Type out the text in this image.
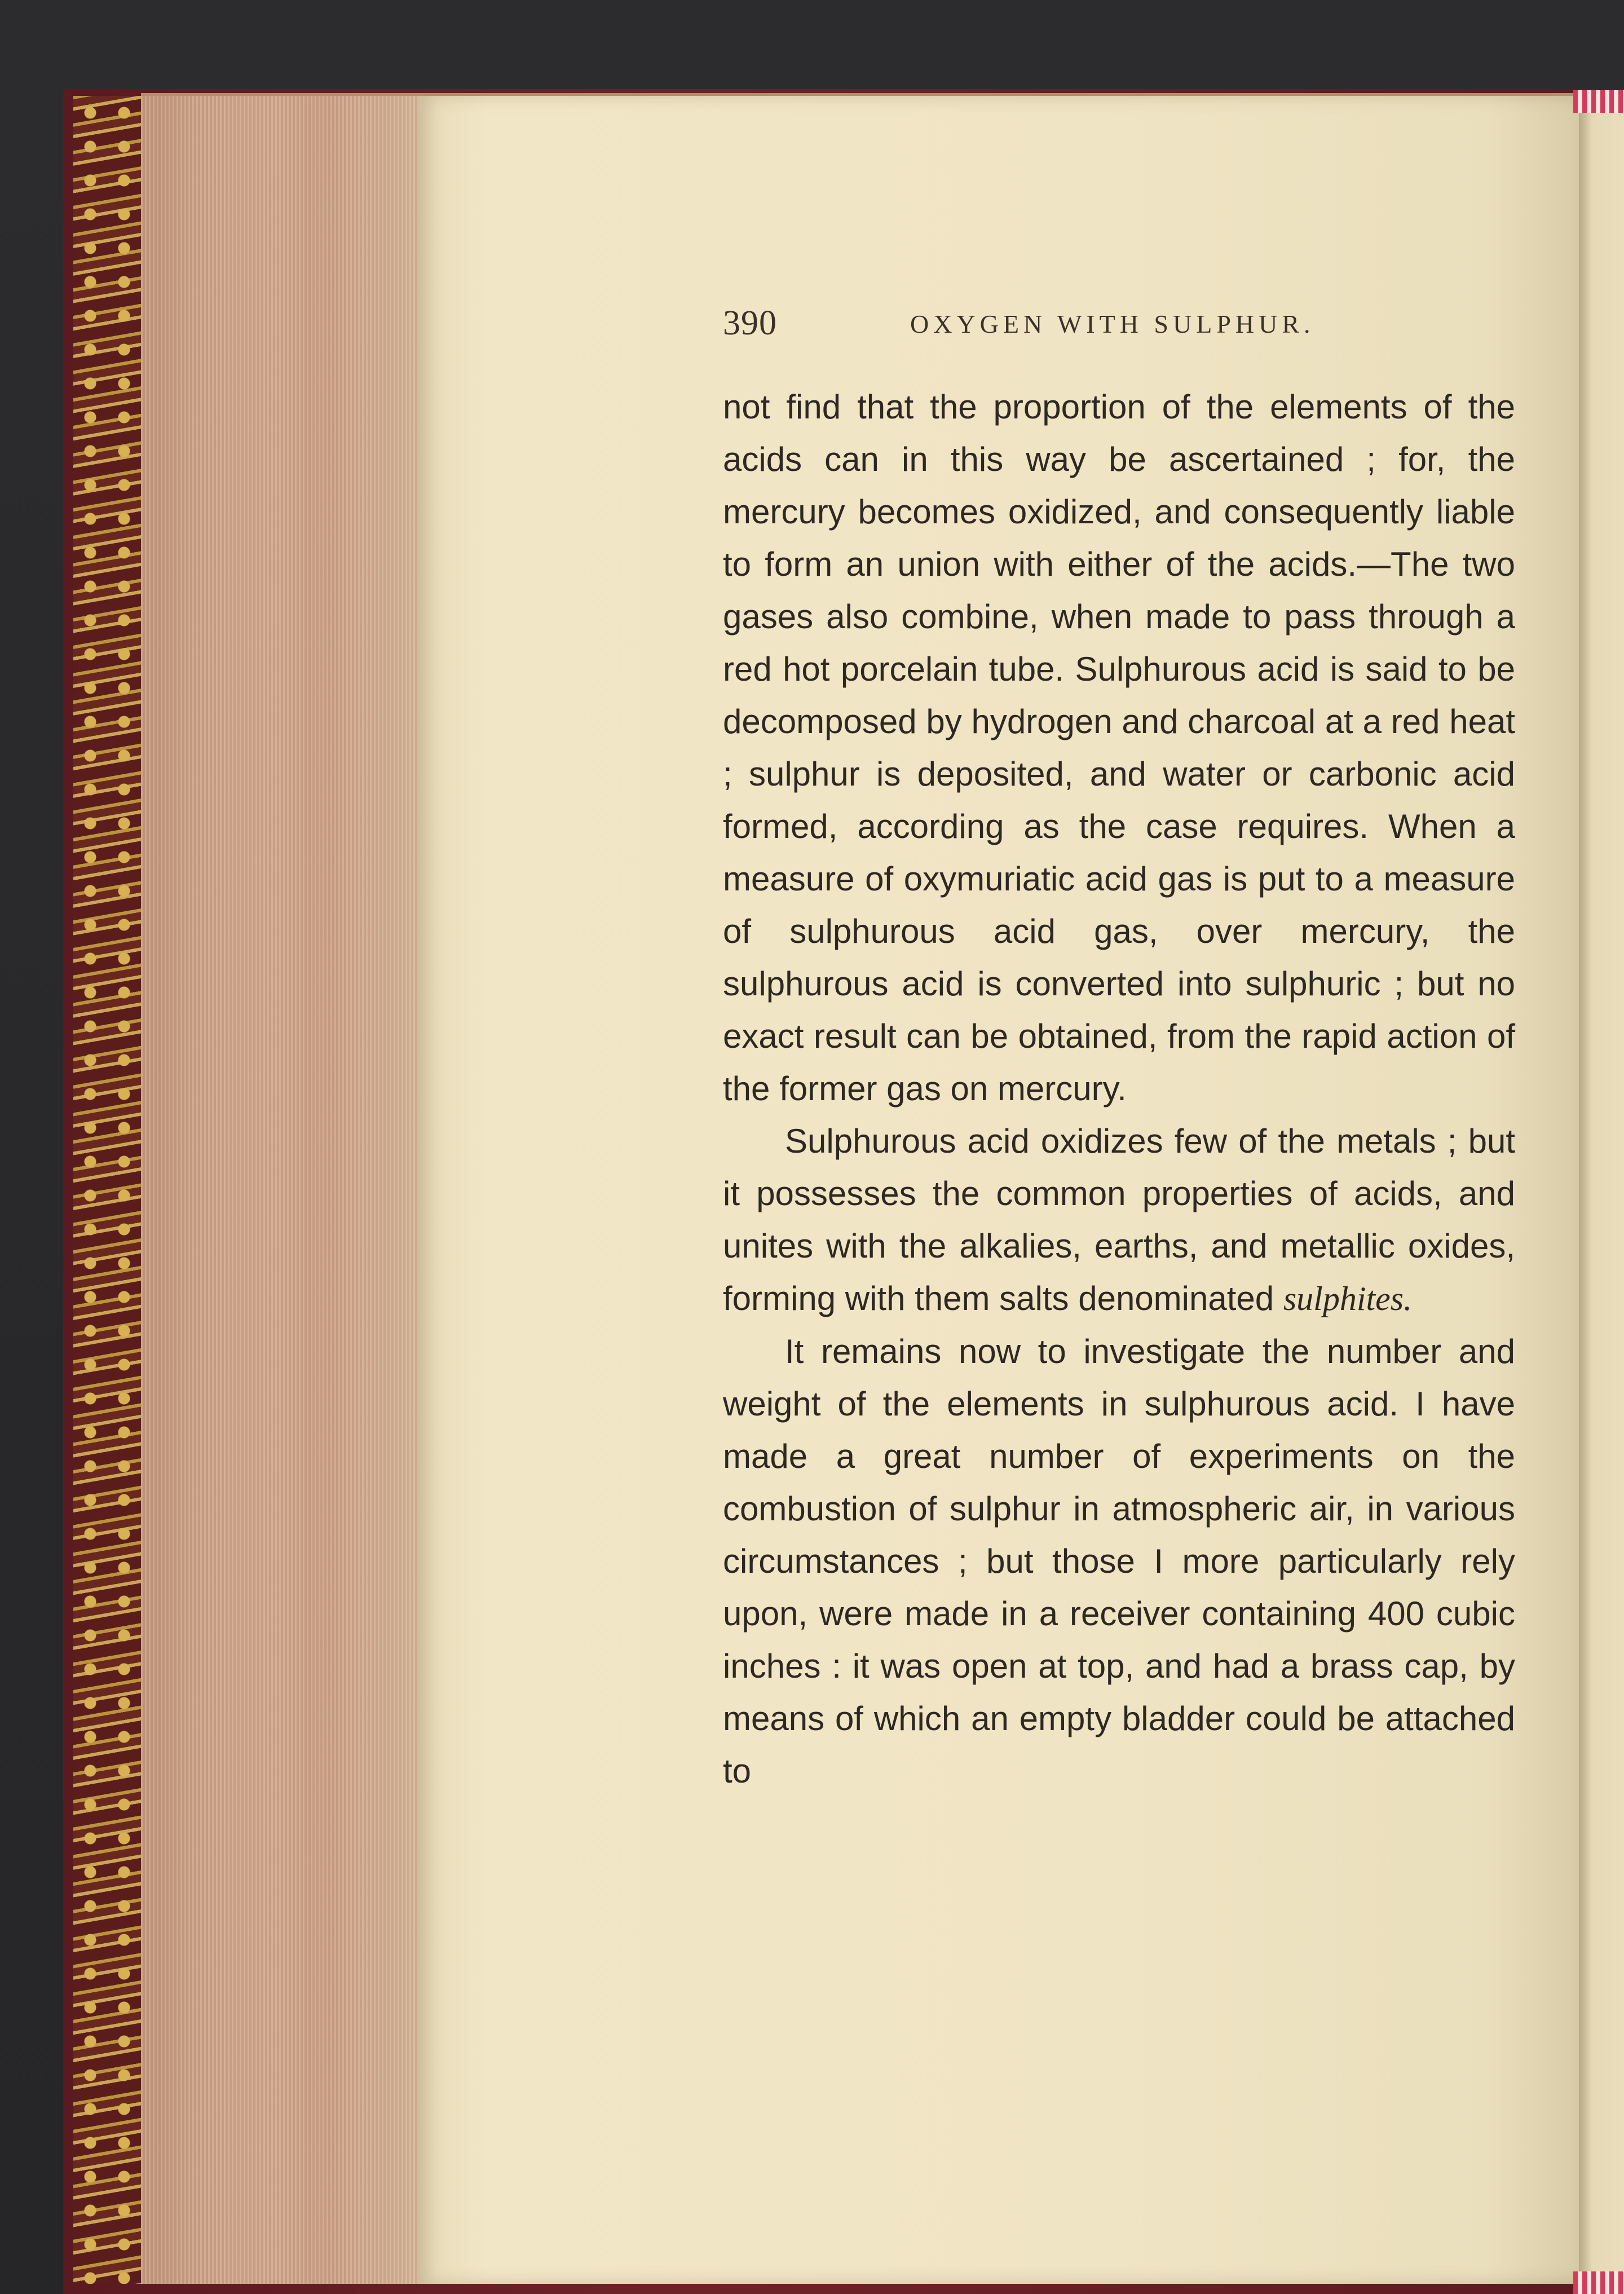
390	OXYGEN WITH SULPHUR.

not find that the proportion of the elements of the acids can in this way be ascertained ; for, the mercury becomes oxidized, and consequently liable to form an union with either of the acids.—The two gases also combine, when made to pass through a red hot porcelain tube. Sulphurous acid is said to be decomposed by hydrogen and charcoal at a red heat ; sulphur is deposited, and water or carbonic acid formed, according as the case requires. When a measure of oxymuriatic acid gas is put to a measure of sulphurous acid gas, over mercury, the sulphurous acid is converted into sulphuric ; but no exact result can be obtained, from the rapid action of the former gas on mercury.

Sulphurous acid oxidizes few of the metals ; but it possesses the common properties of acids, and unites with the alkalies, earths, and metallic oxides, forming with them salts denominated sulphites.

It remains now to investigate the number and weight of the elements in sulphurous acid. I have made a great number of experiments on the combustion of sulphur in atmospheric air, in various circumstances ; but those I more particularly rely upon, were made in a receiver containing 400 cubic inches : it was open at top, and had a brass cap, by means of which an empty bladder could be attached to
